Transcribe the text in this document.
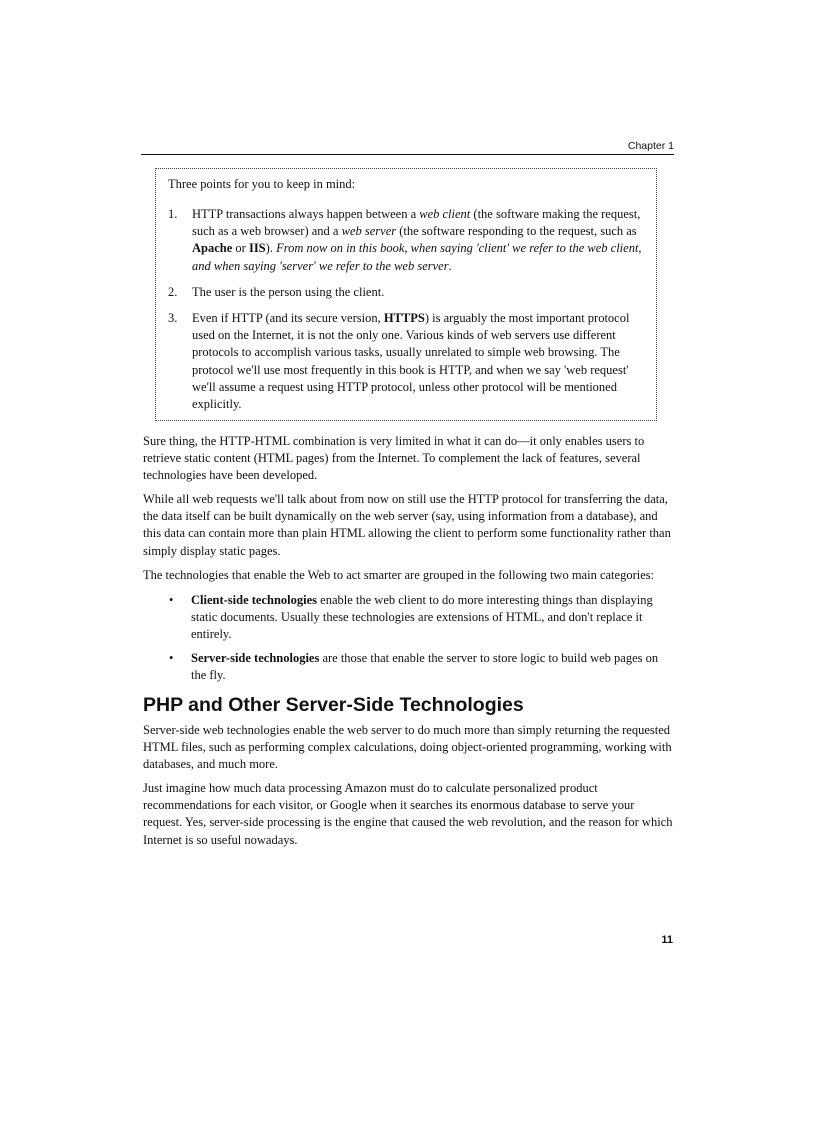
Chapter 1
Three points for you to keep in mind:
1. HTTP transactions always happen between a web client (the software making the request, such as a web browser) and a web server (the software responding to the request, such as Apache or IIS). From now on in this book, when saying 'client' we refer to the web client, and when saying 'server' we refer to the web server.
2. The user is the person using the client.
3. Even if HTTP (and its secure version, HTTPS) is arguably the most important protocol used on the Internet, it is not the only one. Various kinds of web servers use different protocols to accomplish various tasks, usually unrelated to simple web browsing. The protocol we'll use most frequently in this book is HTTP, and when we say 'web request' we'll assume a request using HTTP protocol, unless other protocol will be mentioned explicitly.

Sure thing, the HTTP-HTML combination is very limited in what it can do—it only enables users to retrieve static content (HTML pages) from the Internet. To complement the lack of features, several technologies have been developed.

While all web requests we'll talk about from now on still use the HTTP protocol for transferring the data, the data itself can be built dynamically on the web server (say, using information from a database), and this data can contain more than plain HTML allowing the client to perform some functionality rather than simply display static pages.

The technologies that enable the Web to act smarter are grouped in the following two main categories:

• Client-side technologies enable the web client to do more interesting things than displaying static documents. Usually these technologies are extensions of HTML, and don't replace it entirely.
• Server-side technologies are those that enable the server to store logic to build web pages on the fly.
PHP and Other Server-Side Technologies

Server-side web technologies enable the web server to do much more than simply returning the requested HTML files, such as performing complex calculations, doing object-oriented programming, working with databases, and much more.

Just imagine how much data processing Amazon must do to calculate personalized product recommendations for each visitor, or Google when it searches its enormous database to serve your request. Yes, server-side processing is the engine that caused the web revolution, and the reason for which Internet is so useful nowadays.

11
